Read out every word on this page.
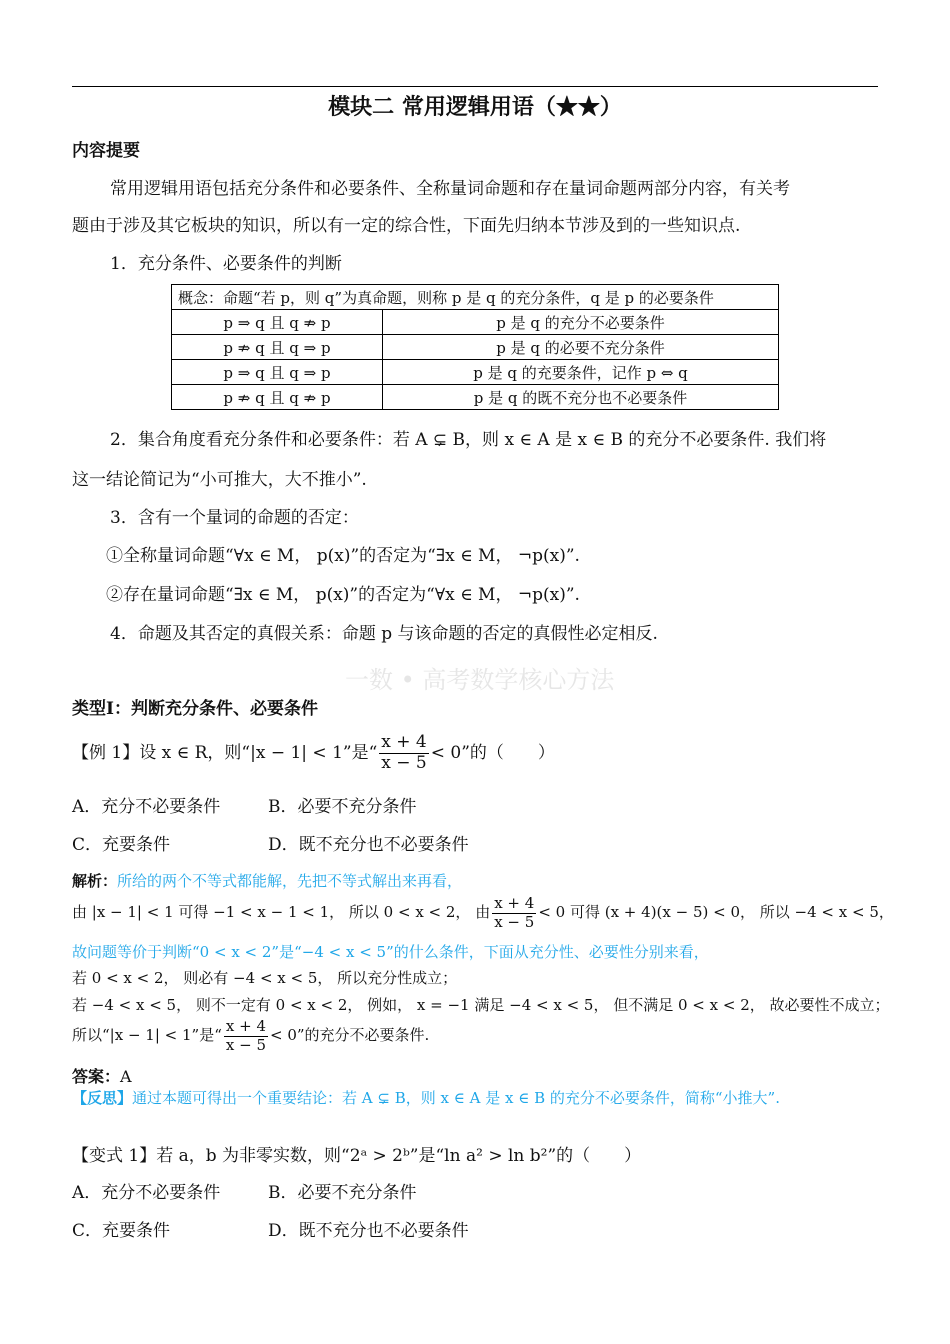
模块二 常用逻辑用语（★★）
内容提要
常用逻辑用语包括充分条件和必要条件、全称量词命题和存在量词命题两部分内容，有关考
题由于涉及其它板块的知识，所以有一定的综合性，下面先归纳本节涉及到的一些知识点.
1．充分条件、必要条件的判断
概念：命题“若 p，则 q”为真命题，则称 p 是 q 的充分条件，q 是 p 的必要条件	
p ⇒ q 且 q ⇏ p	p 是 q 的充分不必要条件
p ⇏ q 且 q ⇒ p	p 是 q 的必要不充分条件
p ⇒ q 且 q ⇒ p	p 是 q 的充要条件，记作 p ⇔ q
p ⇏ q 且 q ⇏ p	p 是 q 的既不充分也不必要条件
2．集合角度看充分条件和必要条件：若 A ⊊ B，则 x ∈ A 是 x ∈ B 的充分不必要条件. 我们将
这一结论简记为“小可推大，大不推小”.
3．含有一个量词的命题的否定：
①全称量词命题“∀x ∈ M， p(x)”的否定为“∃x ∈ M， ¬p(x)”.
②存在量词命题“∃x ∈ M， p(x)”的否定为“∀x ∈ M， ¬p(x)”.
4．命题及其否定的真假关系：命题 p 与该命题的否定的真假性必定相反.
一数 • 高考数学核心方法
类型Ⅰ：判断充分条件、必要条件
【例 1】设 x ∈ R，则“|x − 1| < 1”是“ $\frac{x + 4}{x - 5} < 0$”的（　　）
A．充分不必要条件	B．必要不充分条件
C．充要条件	D．既不充分也不必要条件
解析：所给的两个不等式都能解，先把不等式解出来再看，
由 |x − 1| < 1 可得 −1 < x − 1 < 1， 所以 0 < x < 2， 由 $\frac{x + 4}{x - 5} < 0$ 可得 (x + 4)(x − 5) < 0， 所以 −4 < x < 5，
故问题等价于判断“0 < x < 2”是“−4 < x < 5”的什么条件，下面从充分性、必要性分别来看，
若 0 < x < 2， 则必有 −4 < x < 5， 所以充分性成立；
若 −4 < x < 5， 则不一定有 0 < x < 2， 例如， x = −1 满足 −4 < x < 5， 但不满足 0 < x < 2， 故必要性不成立；
所以“|x − 1| < 1”是“ $\frac{x + 4}{x - 5} < 0$”的充分不必要条件.
答案：A
【反思】通过本题可得出一个重要结论：若 A ⊊ B，则 x ∈ A 是 x ∈ B 的充分不必要条件，简称“小推大”.
【变式 1】若 a，b 为非零实数，则“2ᵃ > 2ᵇ”是“ln a² > ln b²”的（　　）
A．充分不必要条件	B．必要不充分条件
C．充要条件	D．既不充分也不必要条件
